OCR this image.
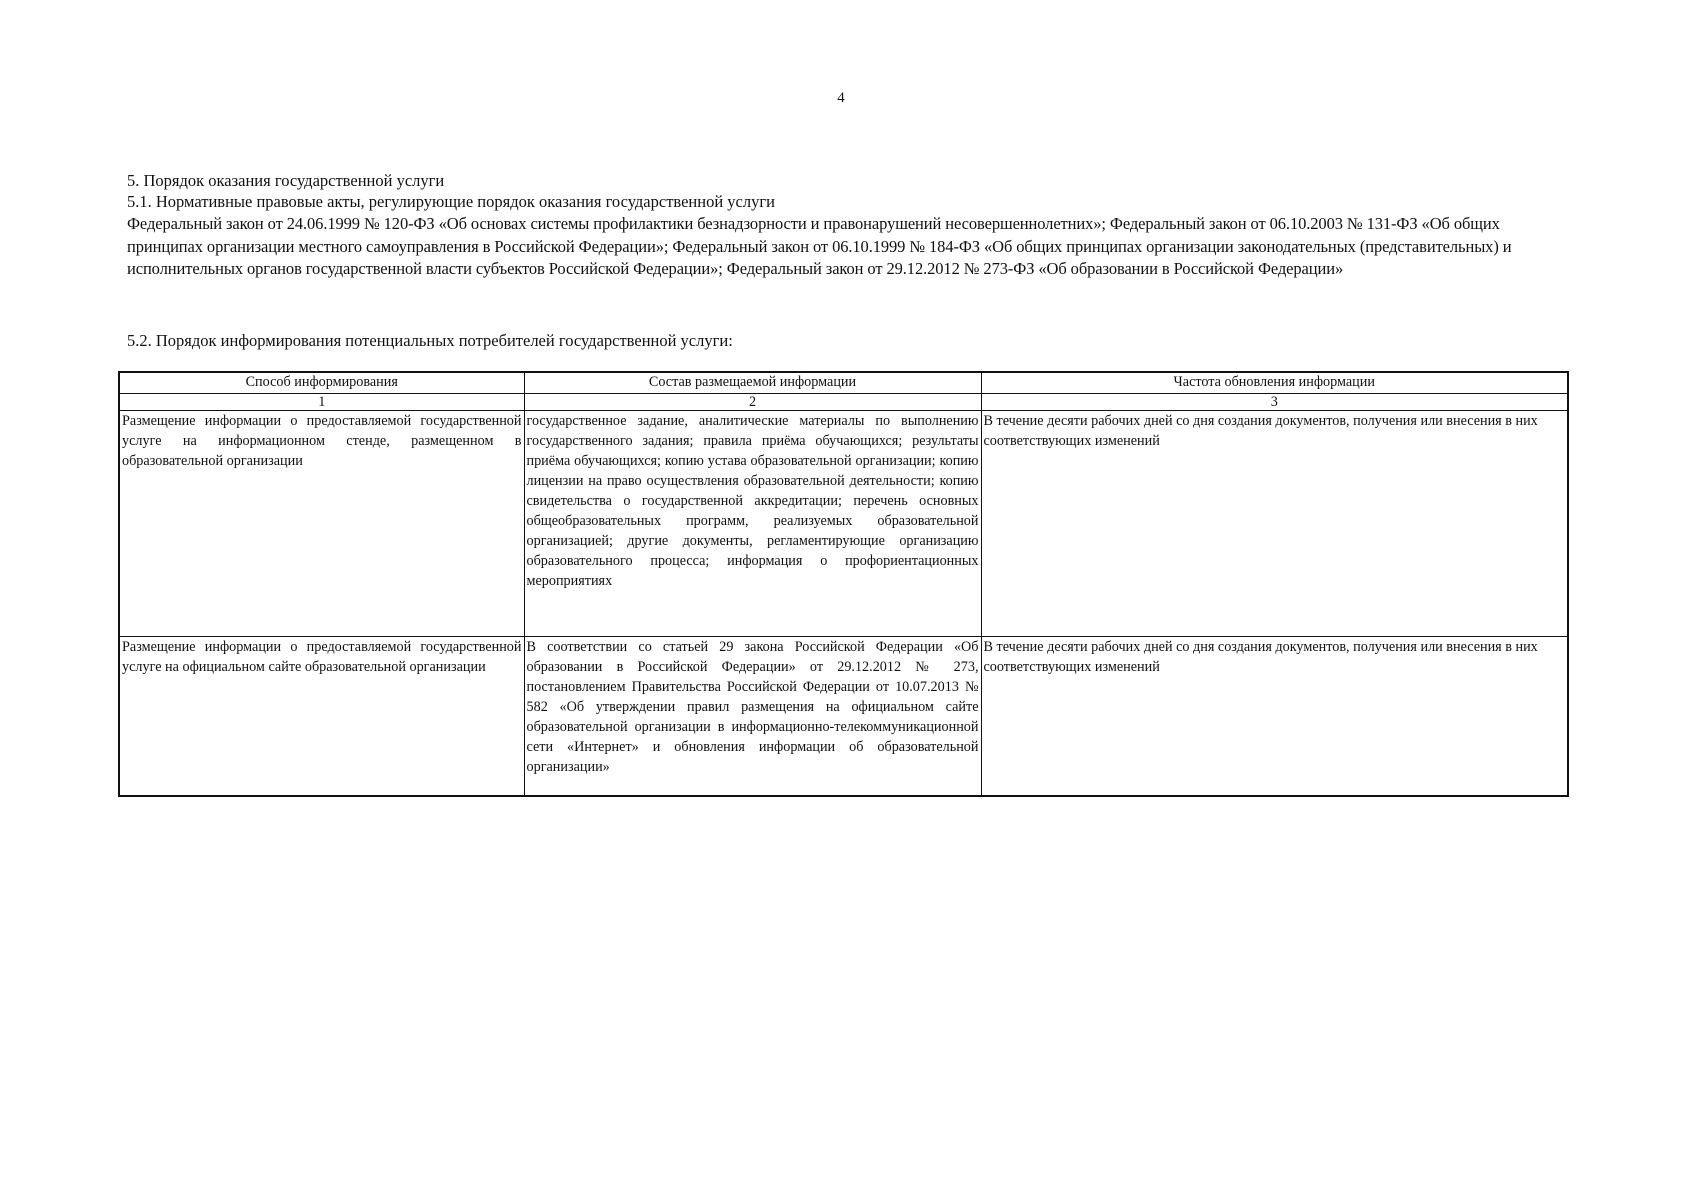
4
5. Порядок оказания государственной услуги
5.1. Нормативные правовые акты, регулирующие порядок оказания государственной услуги
Федеральный закон от 24.06.1999 № 120-ФЗ «Об основах системы профилактики безнадзорности и правонарушений несовершеннолетних»; Федеральный закон от 06.10.2003 № 131-ФЗ «Об общих принципах организации местного самоуправления в Российской Федерации»; Федеральный закон от 06.10.1999 № 184-ФЗ «Об общих принципах организации законодательных (представительных) и исполнительных органов государственной власти субъектов Российской Федерации»; Федеральный закон от 29.12.2012 № 273-ФЗ «Об образовании в Российской Федерации»
5.2. Порядок информирования потенциальных потребителей государственной услуги:
Способ информирования	Состав размещаемой информации	Частота обновления информации
1	2	3
Размещение информации о предоставляемой государственной услуге на информационном стенде, размещенном в образовательной организации	государственное задание, аналитические материалы по выполнению государственного задания; правила приёма обучающихся; результаты приёма обучающихся; копию устава образовательной организации; копию лицензии на право осуществления образовательной деятельности; копию свидетельства о государственной аккредитации; перечень основных общеобразовательных программ, реализуемых образовательной организацией; другие документы, регламентирующие организацию образовательного процесса; информация о профориентационных мероприятиях	В течение десяти рабочих дней со дня создания документов, получения или внесения в них соответствующих изменений
Размещение информации о предоставляемой государственной услуге на официальном сайте образовательной организации	В соответствии со статьей 29 закона Российской Федерации «Об образовании в Российской Федерации» от 29.12.2012 № 273, постановлением Правительства Российской Федерации от 10.07.2013 № 582 «Об утверждении правил размещения на официальном сайте образовательной организации в информационно-телекоммуникационной сети «Интернет» и обновления информации об образовательной организации»	В течение десяти рабочих дней со дня создания документов, получения или внесения в них соответствующих изменений
